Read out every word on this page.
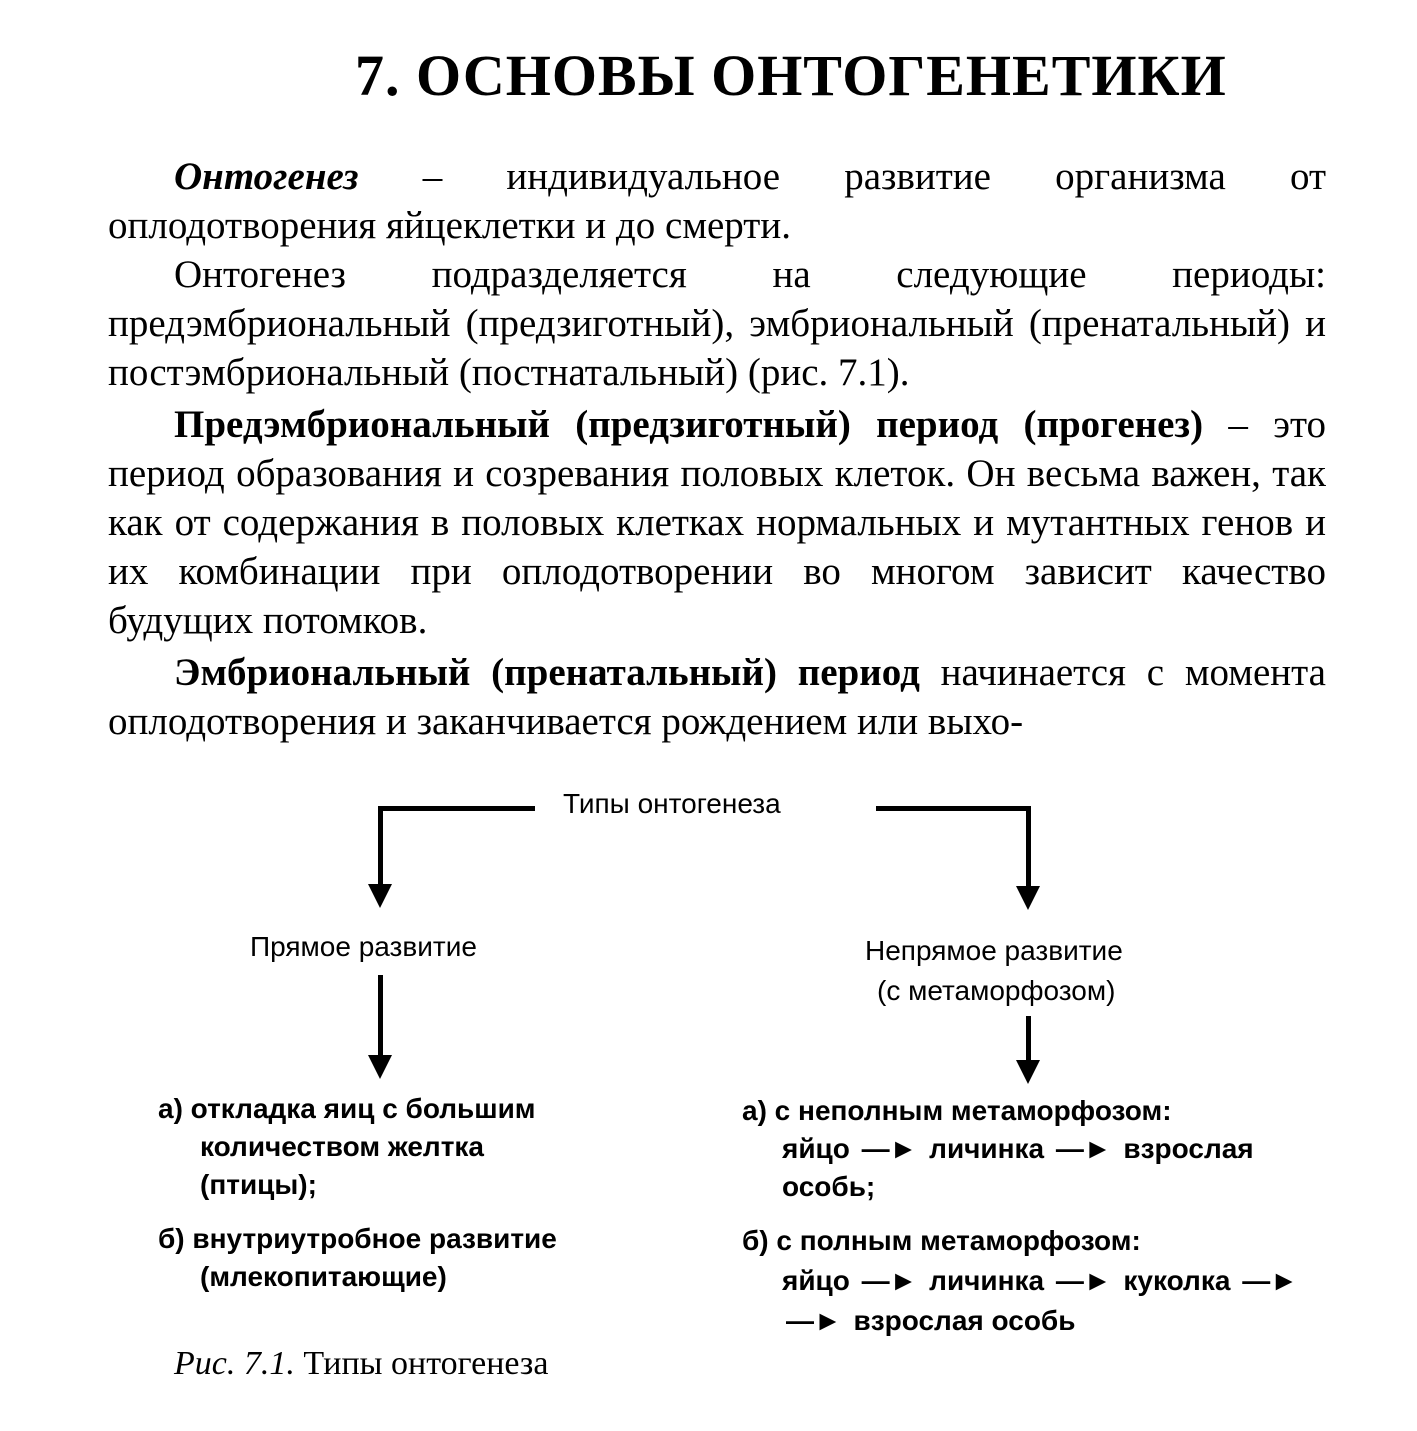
7. ОСНОВЫ ОНТОГЕНЕТИКИ

Онтогенез – индивидуальное развитие организма от оплодотворения яйцеклетки и до смерти.

Онтогенез подразделяется на следующие периоды: предэмбриональный (предзиготный), эмбриональный (пренатальный) и постэмбриональный (постнатальный) (рис. 7.1).

Предэмбриональный (предзиготный) период (прогенез) – это период образования и созревания половых клеток. Он весьма важен, так как от содержания в половых клетках нормальных и мутантных генов и их комбинации при оплодотворении во многом зависит качество будущих потомков.

Эмбриональный (пренатальный) период начинается с момента оплодотворения и заканчивается рождением или выхо-

Типы онтогенеза
Прямое развитие	Непрямое развитие
(с метаморфозом)
а) откладка яиц с большим
количеством желтка
(птицы);
б) внутриутробное развитие
(млекопитающие)
а) с неполным метаморфозом:
яйцо —► личинка —► взрослая
особь;
б) с полным метаморфозом:
яйцо —► личинка —► куколка —►
—► взрослая особь
Рис. 7.1. Типы онтогенеза
